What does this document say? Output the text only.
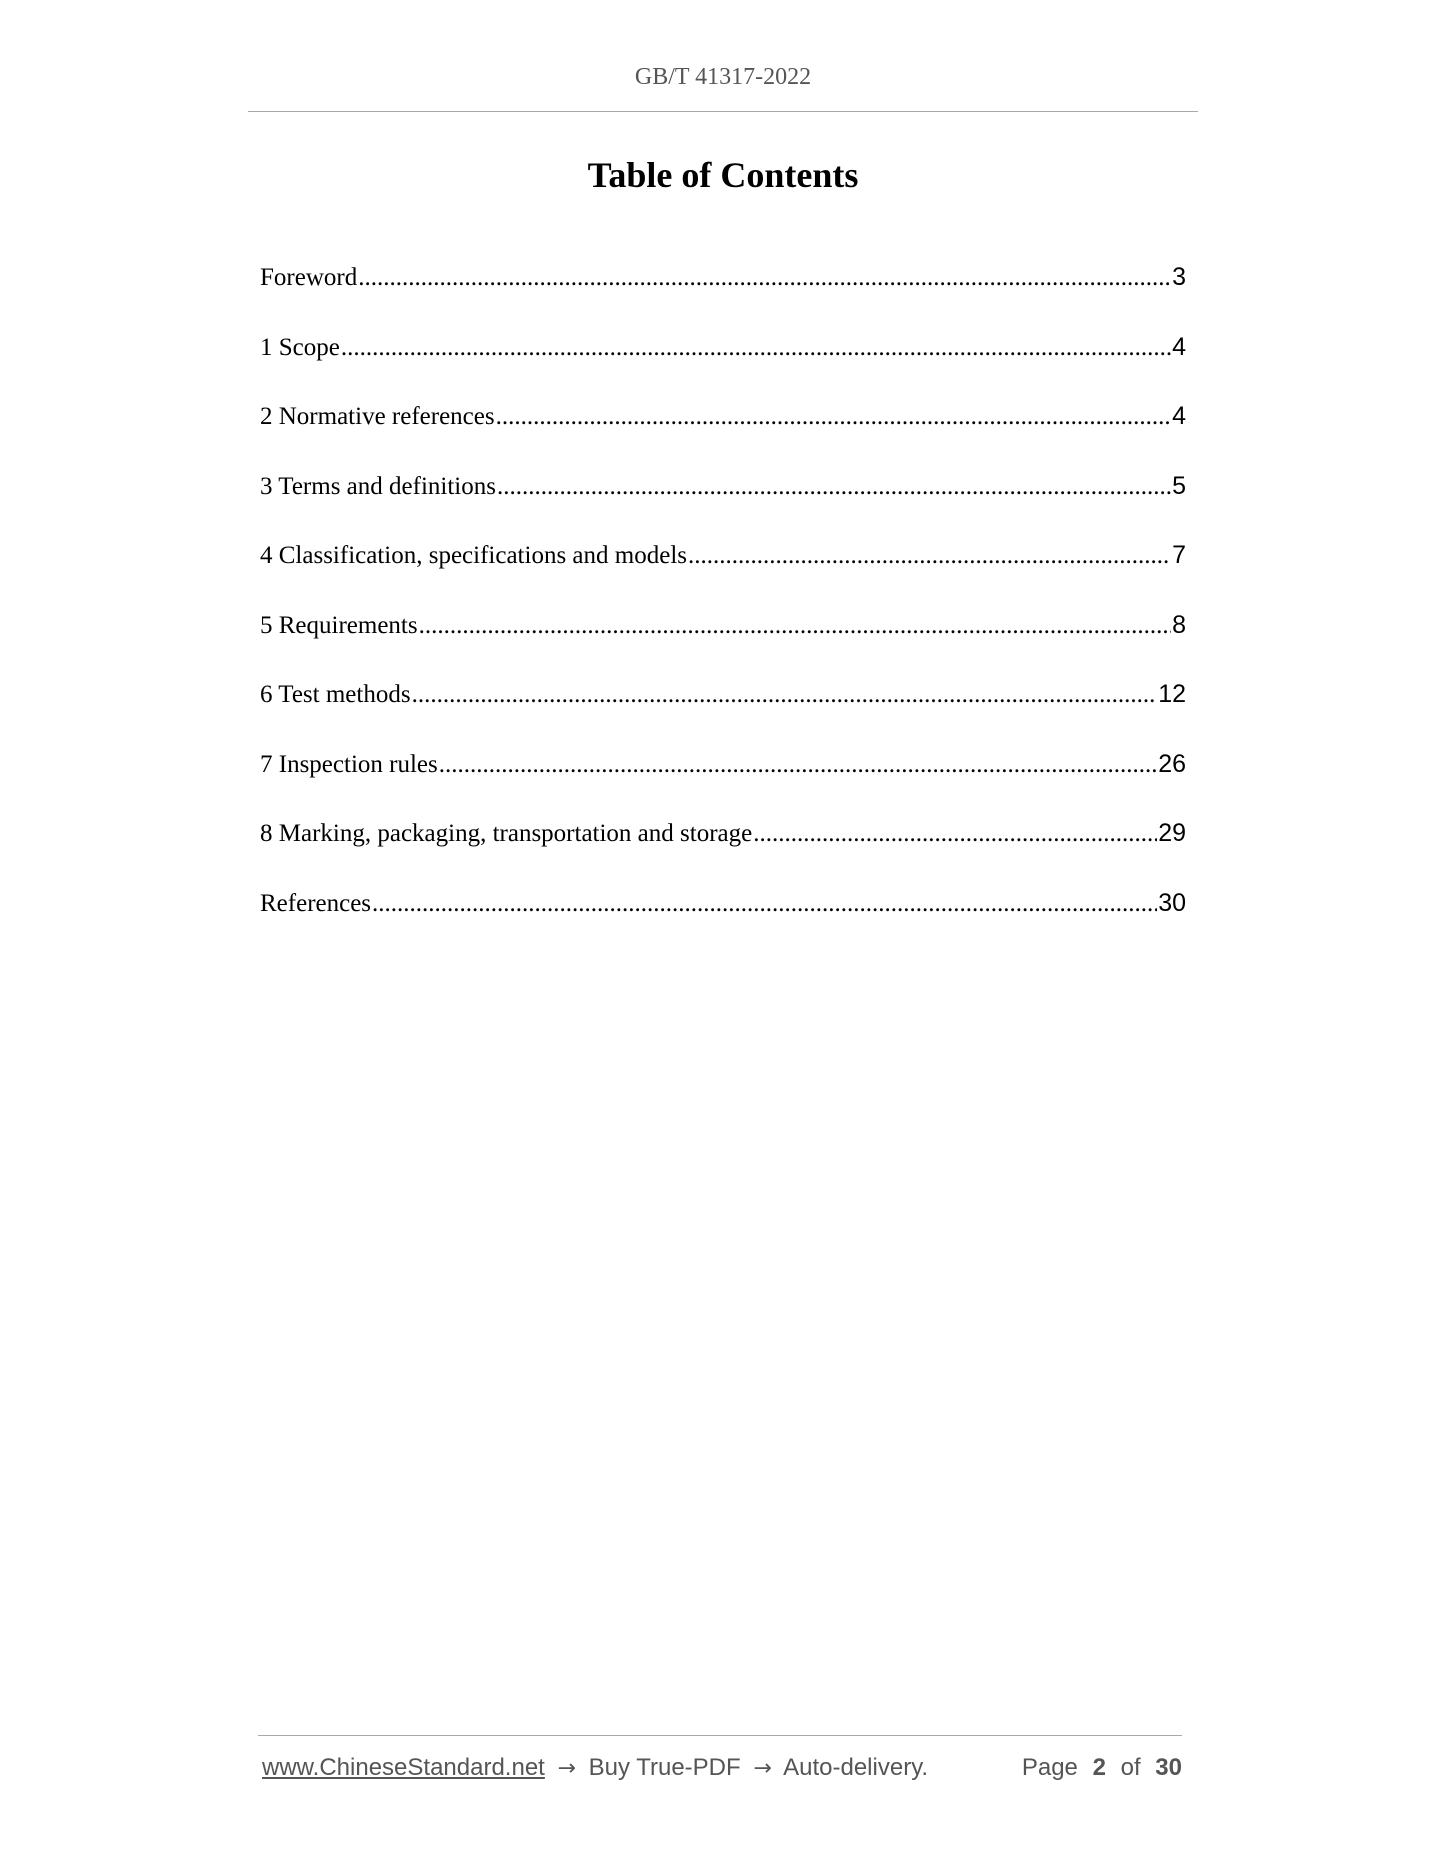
GB/T 41317-2022
Table of Contents
Foreword .....	3
1 Scope .....	4
2 Normative references .....	4
3 Terms and definitions .....	5
4 Classification, specifications and models .....	7
5 Requirements .....	8
6 Test methods .....	12
7 Inspection rules .....	26
8 Marking, packaging, transportation and storage .....	29
References .....	30
www.ChineseStandard.net → Buy True-PDF → Auto-delivery.	Page 2 of 30
